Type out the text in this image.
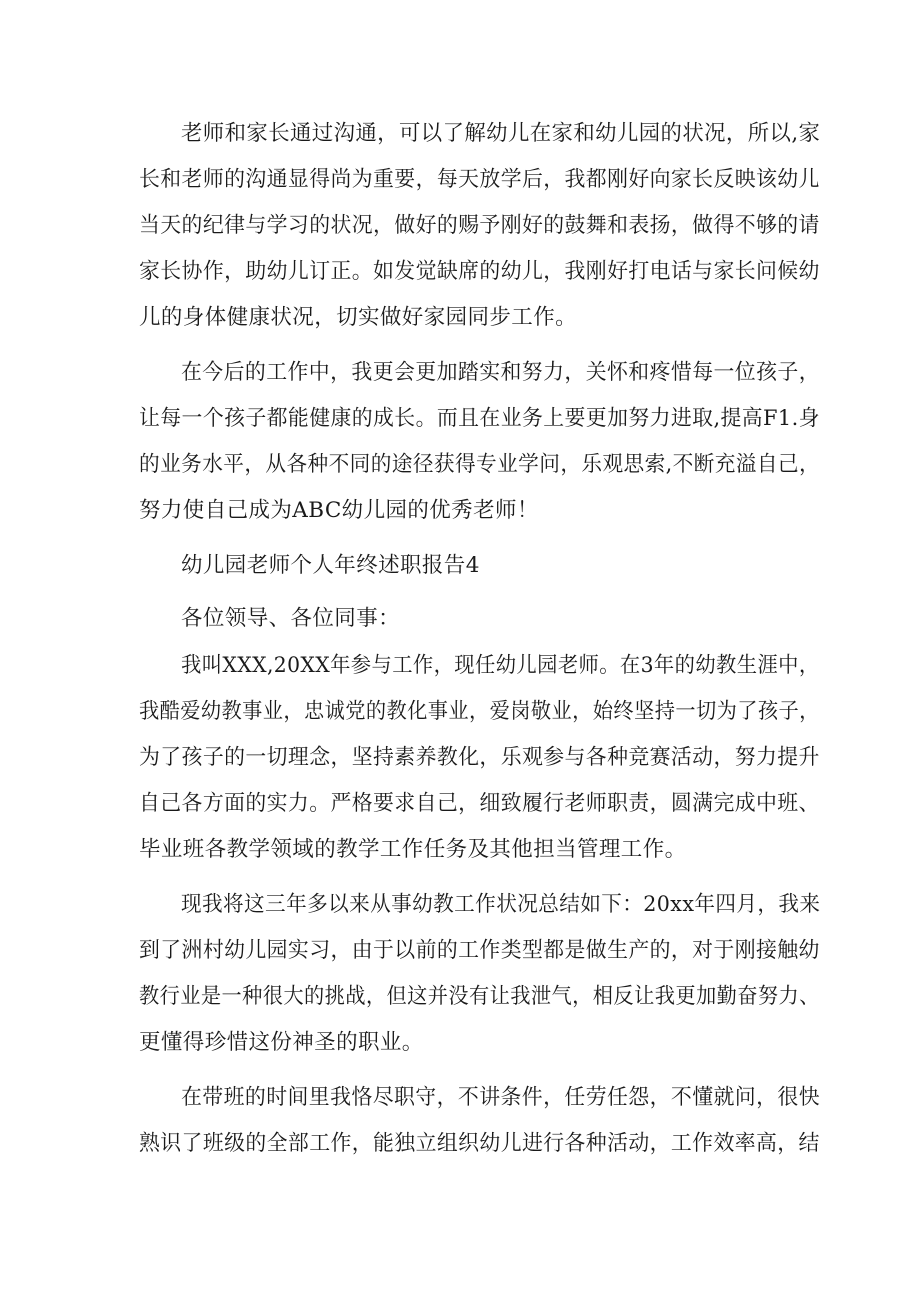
老师和家长通过沟通，可以了解幼儿在家和幼儿园的状况，所以,家
长和老师的沟通显得尚为重要，每天放学后，我都刚好向家长反映该幼儿
当天的纪律与学习的状况，做好的赐予刚好的鼓舞和表扬，做得不够的请
家长协作，助幼儿订正。如发觉缺席的幼儿，我刚好打电话与家长问候幼
儿的身体健康状况，切实做好家园同步工作。
在今后的工作中，我更会更加踏实和努力，关怀和疼惜每一位孩子，
让每一个孩子都能健康的成长。而且在业务上要更加努力进取,提高F1.身
的业务水平，从各种不同的途径获得专业学问，乐观思索,不断充溢自己，
努力使自己成为ABC幼儿园的优秀老师！
幼儿园老师个人年终述职报告4
各位领导、各位同事：
我叫XXX,20XX年参与工作，现任幼儿园老师。在3年的幼教生涯中，
我酷爱幼教事业，忠诚党的教化事业，爱岗敬业，始终坚持一切为了孩子，
为了孩子的一切理念，坚持素养教化，乐观参与各种竞赛活动，努力提升
自己各方面的实力。严格要求自己，细致履行老师职责，圆满完成中班、
毕业班各教学领域的教学工作任务及其他担当管理工作。
现我将这三年多以来从事幼教工作状况总结如下：20xx年四月，我来
到了洲村幼儿园实习，由于以前的工作类型都是做生产的，对于刚接触幼
教行业是一种很大的挑战，但这并没有让我泄气，相反让我更加勤奋努力、
更懂得珍惜这份神圣的职业。
在带班的时间里我恪尽职守，不讲条件，任劳任怨，不懂就问，很快
熟识了班级的全部工作，能独立组织幼儿进行各种活动，工作效率高，结
